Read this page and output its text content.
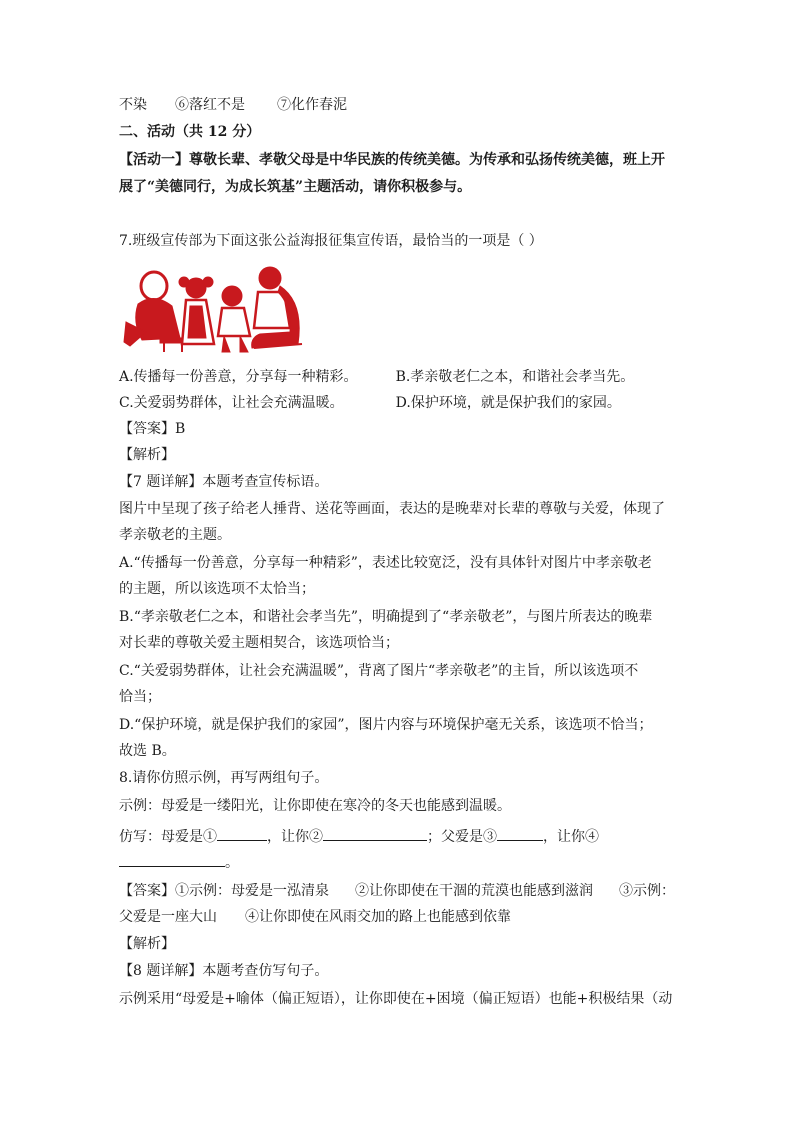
不染 ⑥落红不是 ⑦化作春泥
二、活动（共 12 分）
【活动一】尊敬长辈、孝敬父母是中华民族的传统美德。为传承和弘扬传统美德，班上开
展了“美德同行，为成长筑基”主题活动，请你积极参与。
7.班级宣传部为下面这张公益海报征集宣传语，最恰当的一项是（ ）
A.传播每一份善意，分享每一种精彩。	B.孝亲敬老仁之本，和谐社会孝当先。
C.关爱弱势群体，让社会充满温暖。	D.保护环境，就是保护我们的家园。
【答案】B
【解析】
【7 题详解】本题考查宣传标语。
图片中呈现了孩子给老人捶背、送花等画面，表达的是晚辈对长辈的尊敬与关爱，体现了
孝亲敬老的主题。
A.“传播每一份善意，分享每一种精彩”，表述比较宽泛，没有具体针对图片中孝亲敬老
的主题，所以该选项不太恰当；
B.“孝亲敬老仁之本，和谐社会孝当先”，明确提到了“孝亲敬老”，与图片所表达的晚辈
对长辈的尊敬关爱主题相契合，该选项恰当；
C.“关爱弱势群体，让社会充满温暖”，背离了图片“孝亲敬老”的主旨，所以该选项不
恰当；
D.“保护环境，就是保护我们的家园”，图片内容与环境保护毫无关系，该选项不恰当；
故选 B。
8.请你仿照示例，再写两组句子。
示例：母爱是一缕阳光，让你即使在寒冷的冬天也能感到温暖。
仿写：母爱是①	，让你②	；父爱是③	，让你④
。
【答案】①示例：母爱是一泓清泉 ②让你即使在干涸的荒漠也能感到滋润 ③示例：
父爱是一座大山 ④让你即使在风雨交加的路上也能感到依靠
【解析】
【8 题详解】本题考查仿写句子。
示例采用“母爱是+喻体（偏正短语），让你即使在+困境（偏正短语）也能+积极结果（动
